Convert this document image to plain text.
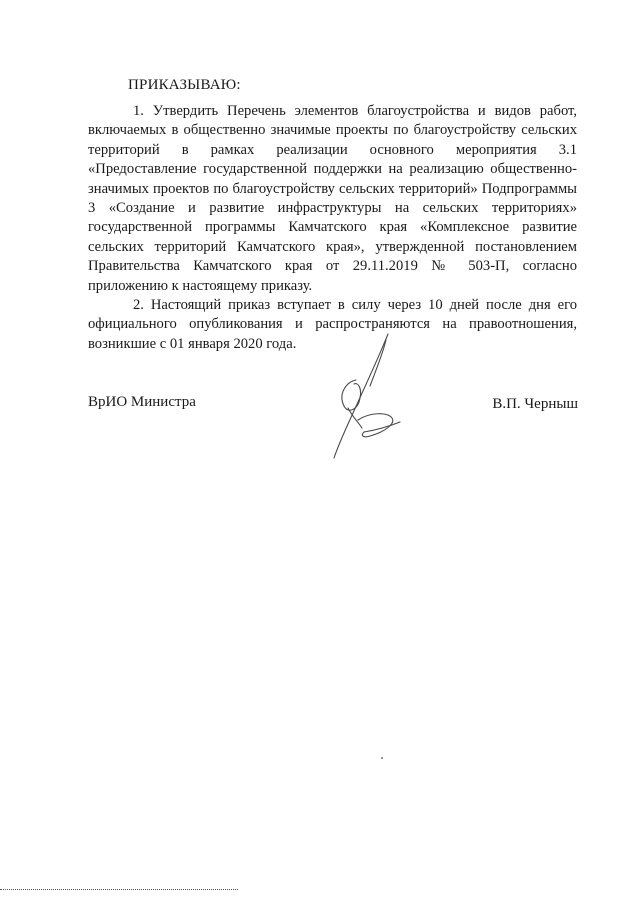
ПРИКАЗЫВАЮ:

1. Утвердить Перечень элементов благоустройства и видов работ, включаемых в общественно значимые проекты по благоустройству сельских территорий в рамках реализации основного мероприятия 3.1 «Предоставление государственной поддержки на реализацию общественно-значимых проектов по благоустройству сельских территорий» Подпрограммы 3 «Создание и развитие инфраструктуры на сельских территориях» государственной программы Камчатского края «Комплексное развитие сельских территорий Камчатского края», утвержденной постановлением Правительства Камчатского края от 29.11.2019 № 503-П, согласно приложению к настоящему приказу.

2. Настоящий приказ вступает в силу через 10 дней после дня его официального опубликования и распространяются на правоотношения, возникшие с 01 января 2020 года.

ВрИО Министра	В.П. Черныш
